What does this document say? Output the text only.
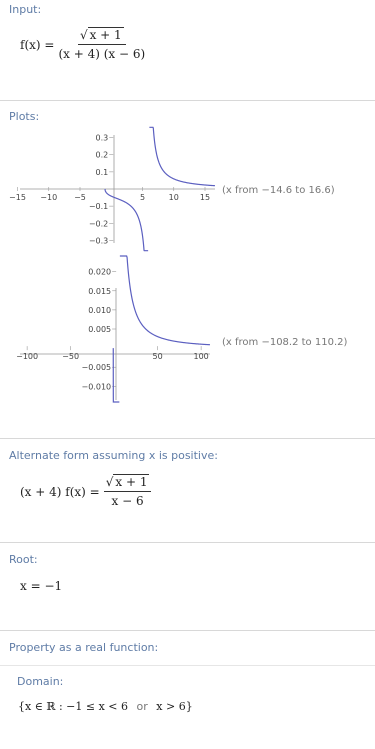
Input:
$f(x) = \frac{√ x + 1}{(x + 4) (x - 6)}$
Plots:
−15 −10 −5	5	10	15
0.3
0.2
0.1
−0.1
−0.2
−0.3
(x from −14.6 to 16.6)
−100	−50	50	100
0.020
0.015
0.010
0.005
−0.005
−0.010
(x from −108.2 to 110.2)
Alternate form assuming x is positive:
(x + 4) $f(x) = \frac{√ x + 1}{x - 6}$
Root:
x = −1
Property as a real function:
Domain:
{x ∈ ℝ : −1 ≤ x < 6 or x > 6}
